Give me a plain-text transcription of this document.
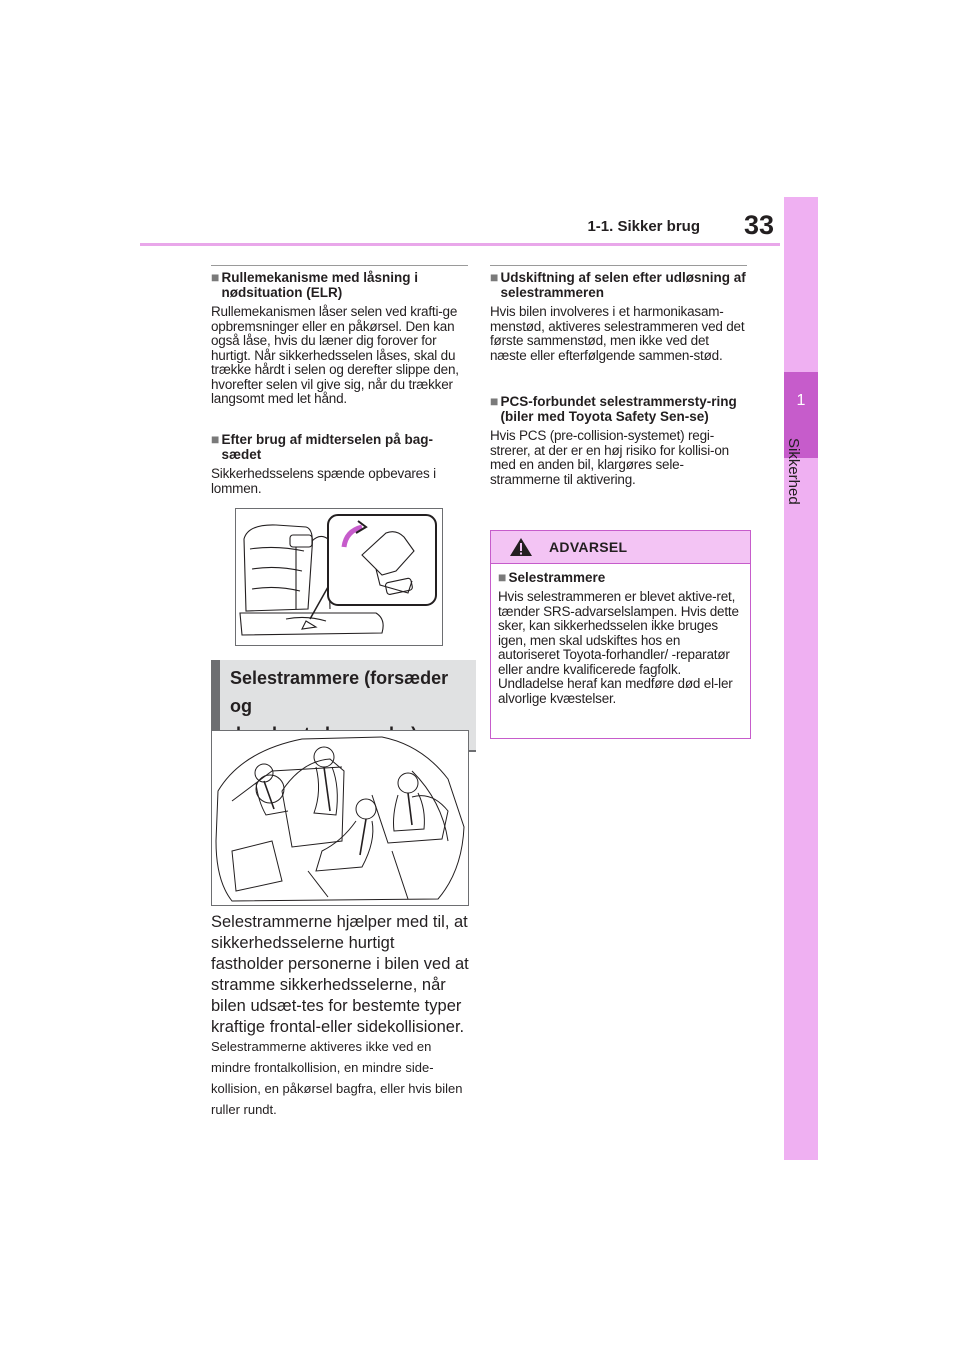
1-1. Sikker brug	33
1
Sikkerhed
■ Rullemekanisme med låsning i nødsituation (ELR)
Rullemekanismen låser selen ved krafti-ge opbremsninger eller en påkørsel. Den kan også låse, hvis du læner dig forover for hurtigt. Når sikkerhedsselen låses, skal du trække hårdt i selen og derefter slippe den, hvorefter selen vil give sig, når du trækker langsomt med let hånd.
■ Efter brug af midterselen på bag-sædet
Sikkerhedsselens spænde opbevares i lommen.
Selestrammere (forsæder og
Selestrammerne hjælper med til, at sikkerhedsselerne hurtigt fastholder personerne i bilen ved at stramme sikkerhedsselerne, når bilen udsæt-tes for bestemte typer kraftige frontal-eller sidekollisioner.
Selestrammerne aktiveres ikke ved en mindre frontalkollision, en mindre side-kollision, en påkørsel bagfra, eller hvis bilen ruller rundt.
■ Udskiftning af selen efter udløsning af selestrammeren
Hvis bilen involveres i et harmonikasam-menstød, aktiveres selestrammeren ved det første sammenstød, men ikke ved det næste eller efterfølgende sammen-stød.
■ PCS-forbundet selestrammersty-ring (biler med Toyota Safety Sen-se)
Hvis PCS (pre-collision-systemet) regi-strerer, at der er en høj risiko for kollisi-on med en anden bil, klargøres sele-strammerne til aktivering.
ADVARSEL
■ Selestrammere
Hvis selestrammeren er blevet aktive-ret, tænder SRS-advarselslampen. Hvis dette sker, kan sikkerhedsselen ikke bruges igen, men skal udskiftes hos en autoriseret Toyota-forhandler/ -reparatør eller andre kvalificerede fagfolk.
Undladelse heraf kan medføre død el-ler alvorlige kvæstelser.
